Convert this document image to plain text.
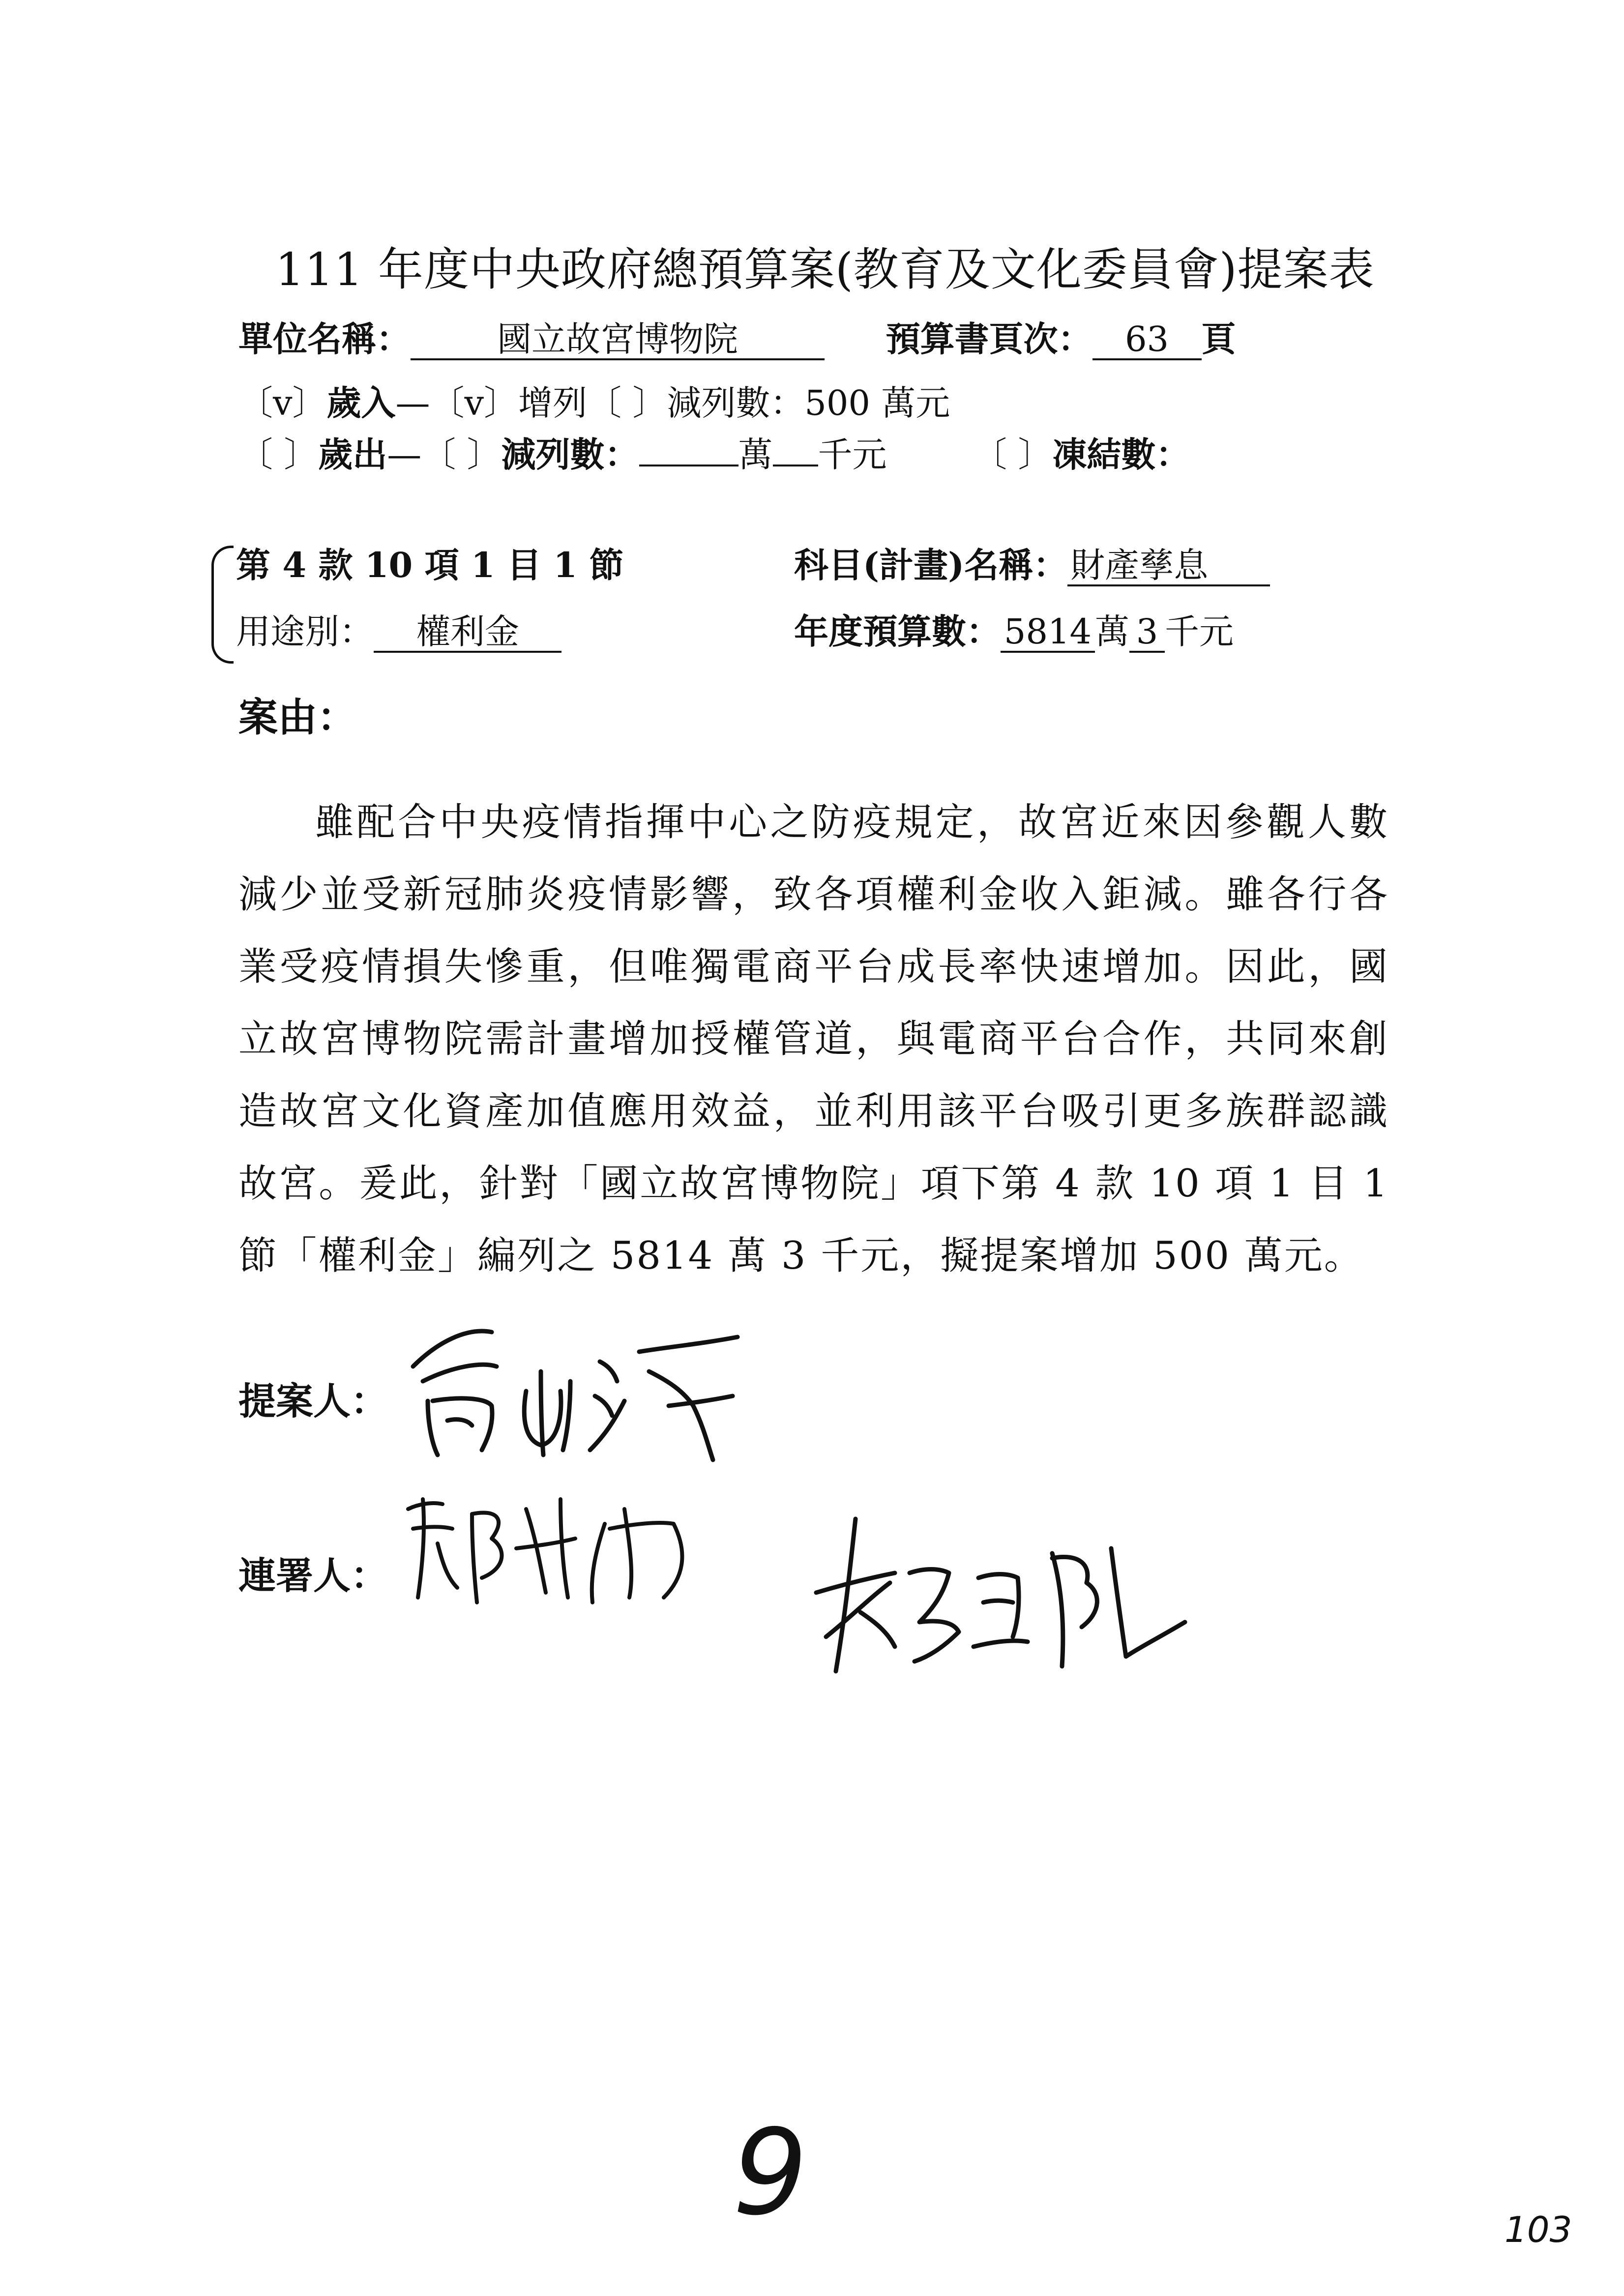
111 年度中央政府總預算案(教育及文化委員會)提案表
單位名稱：	國立故宮博物院	預算書頁次： 63 頁
〔v〕歲入—〔v〕增列〔 〕減列數：500 萬元
〔 〕歲出—〔 〕減列數：	萬 千元 〔 〕凍結數：
第 4 款 10 項 1 目 1 節	科目(計畫)名稱：財產孳息
用途別： 權利金	年度預算數：5814萬 3 千元
案由：
雖配合中央疫情指揮中心之防疫規定，故宮近來因參觀人數減少並受新冠肺炎疫情影響，致各項權利金收入鉅減。雖各行各業受疫情損失慘重，但唯獨電商平台成長率快速增加。因此，國立故宮博物院需計畫增加授權管道，與電商平台合作，共同來創造故宮文化資產加值應用效益，並利用該平台吸引更多族群認識故宮。爰此，針對「國立故宮博物院」項下第 4 款 10 項 1 目 1 節「權利金」編列之 5814 萬 3 千元，擬提案增加 500 萬元。
提案人：
連署人：
9	103
